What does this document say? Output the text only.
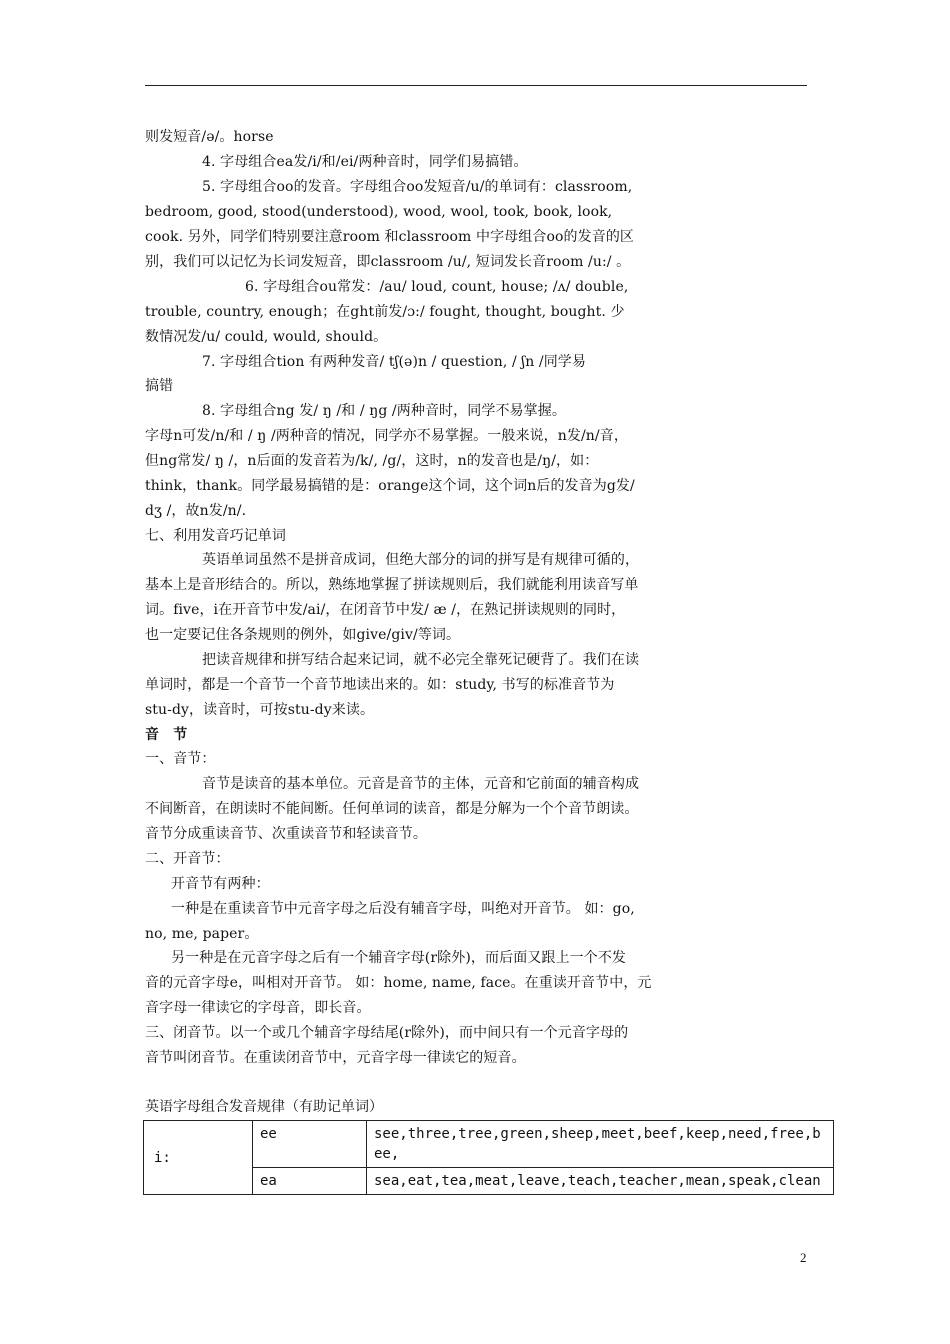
则发短音/ə/。horse
4. 字母组合ea发/i/和/ei/两种音时，同学们易搞错。
5. 字母组合oo的发音。字母组合oo发短音/u/的单词有：classroom,
bedroom, good, stood(understood), wood, wool, took, book, look,
cook. 另外，同学们特别要注意room 和classroom 中字母组合oo的发音的区
别，我们可以记忆为长词发短音，即classroom /u/, 短词发长音room /u:/ 。
6. 字母组合ou常发：/au/ loud, count, house; /ʌ/ double,
trouble, country, enough；在ght前发/ɔ:/ fought, thought, bought. 少
数情况发/u/ could, would, should。
7. 字母组合tion 有两种发音/ tʃ(ə)n / question, / ʃn /同学易
搞错
8. 字母组合ng 发/ ŋ /和 / ŋg /两种音时，同学不易掌握。
字母n可发/n/和 / ŋ /两种音的情况，同学亦不易掌握。一般来说，n发/n/音，
但ng常发/ ŋ /，n后面的发音若为/k/, /g/，这时，n的发音也是/ŋ/，如：
think，thank。同学最易搞错的是：orange这个词，这个词n后的发音为g发/
dʒ /，故n发/n/.
七、利用发音巧记单词
英语单词虽然不是拼音成词，但绝大部分的词的拼写是有规律可循的，
基本上是音形结合的。所以，熟练地掌握了拼读规则后，我们就能利用读音写单
词。five，i在开音节中发/ai/，在闭音节中发/ æ /，在熟记拼读规则的同时，
也一定要记住各条规则的例外，如give/giv/等词。
把读音规律和拼写结合起来记词，就不必完全靠死记硬背了。我们在读
单词时，都是一个音节一个音节地读出来的。如：study, 书写的标准音节为
stu-dy，读音时，可按stu-dy来读。
音　节
一、音节：
音节是读音的基本单位。元音是音节的主体，元音和它前面的辅音构成
不间断音，在朗读时不能间断。任何单词的读音，都是分解为一个个音节朗读。
音节分成重读音节、次重读音节和轻读音节。
二、开音节：
开音节有两种：
一种是在重读音节中元音字母之后没有辅音字母，叫绝对开音节。 如：go,
no, me, paper。
另一种是在元音字母之后有一个辅音字母(r除外)，而后面又跟上一个不发
音的元音字母e，叫相对开音节。 如：home, name, face。在重读开音节中，元
音字母一律读它的字母音，即长音。
三、闭音节。以一个或几个辅音字母结尾(r除外)，而中间只有一个元音字母的
音节叫闭音节。在重读闭音节中，元音字母一律读它的短音。
英语字母组合发音规律（有助记单词）
i:	ee	see,three,tree,green,sheep,meet,beef,keep,need,free,b
ee,

	ea	sea,eat,tea,meat,leave,teach,teacher,mean,speak,clean
2
